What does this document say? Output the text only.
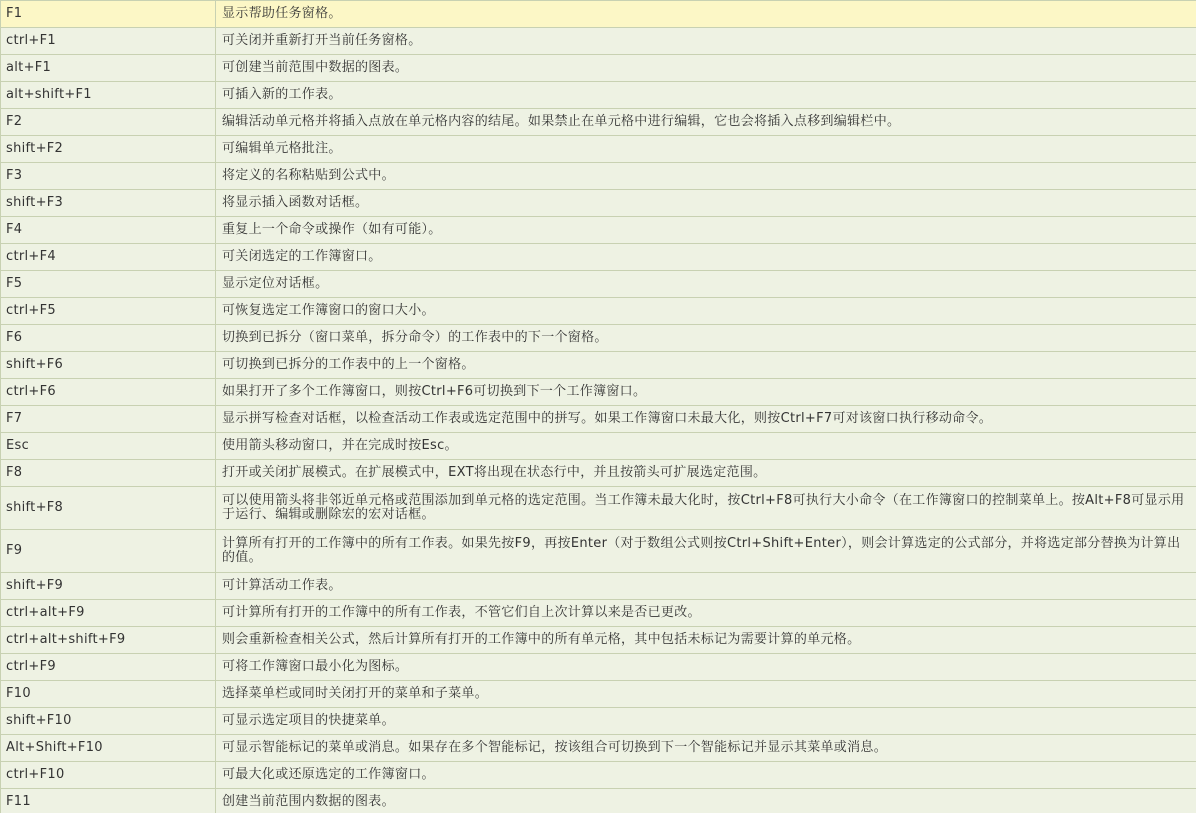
F1	显示帮助任务窗格。
ctrl+F1	可关闭并重新打开当前任务窗格。
alt+F1	可创建当前范围中数据的图表。
alt+shift+F1	可插入新的工作表。
F2	编辑活动单元格并将插入点放在单元格内容的结尾。如果禁止在单元格中进行编辑，它也会将插入点移到编辑栏中。
shift+F2	可编辑单元格批注。
F3	将定义的名称粘贴到公式中。
shift+F3	将显示插入函数对话框。
F4	重复上一个命令或操作（如有可能）。
ctrl+F4	可关闭选定的工作簿窗口。
F5	显示定位对话框。
ctrl+F5	可恢复选定工作簿窗口的窗口大小。
F6	切换到已拆分（窗口菜单，拆分命令）的工作表中的下一个窗格。
shift+F6	可切换到已拆分的工作表中的上一个窗格。
ctrl+F6	如果打开了多个工作簿窗口，则按Ctrl+F6可切换到下一个工作簿窗口。
F7	显示拼写检查对话框，以检查活动工作表或选定范围中的拼写。如果工作簿窗口未最大化，则按Ctrl+F7可对该窗口执行移动命令。
Esc	使用箭头移动窗口，并在完成时按Esc。
F8	打开或关闭扩展模式。在扩展模式中，EXT将出现在状态行中，并且按箭头可扩展选定范围。
shift+F8	可以使用箭头将非邻近单元格或范围添加到单元格的选定范围。当工作簿未最大化时，按Ctrl+F8可执行大小命令（在工作簿窗口的控制菜单上。按Alt+F8可显示用于运行、编辑或删除宏的宏对话框。
F9	计算所有打开的工作簿中的所有工作表。如果先按F9，再按Enter（对于数组公式则按Ctrl+Shift+Enter），则会计算选定的公式部分，并将选定部分替换为计算出的值。
shift+F9	可计算活动工作表。
ctrl+alt+F9	可计算所有打开的工作簿中的所有工作表，不管它们自上次计算以来是否已更改。
ctrl+alt+shift+F9	则会重新检查相关公式，然后计算所有打开的工作簿中的所有单元格，其中包括未标记为需要计算的单元格。
ctrl+F9	可将工作簿窗口最小化为图标。
F10	选择菜单栏或同时关闭打开的菜单和子菜单。
shift+F10	可显示选定项目的快捷菜单。
Alt+Shift+F10	可显示智能标记的菜单或消息。如果存在多个智能标记，按该组合可切换到下一个智能标记并显示其菜单或消息。
ctrl+F10	可最大化或还原选定的工作簿窗口。
F11	创建当前范围内数据的图表。
